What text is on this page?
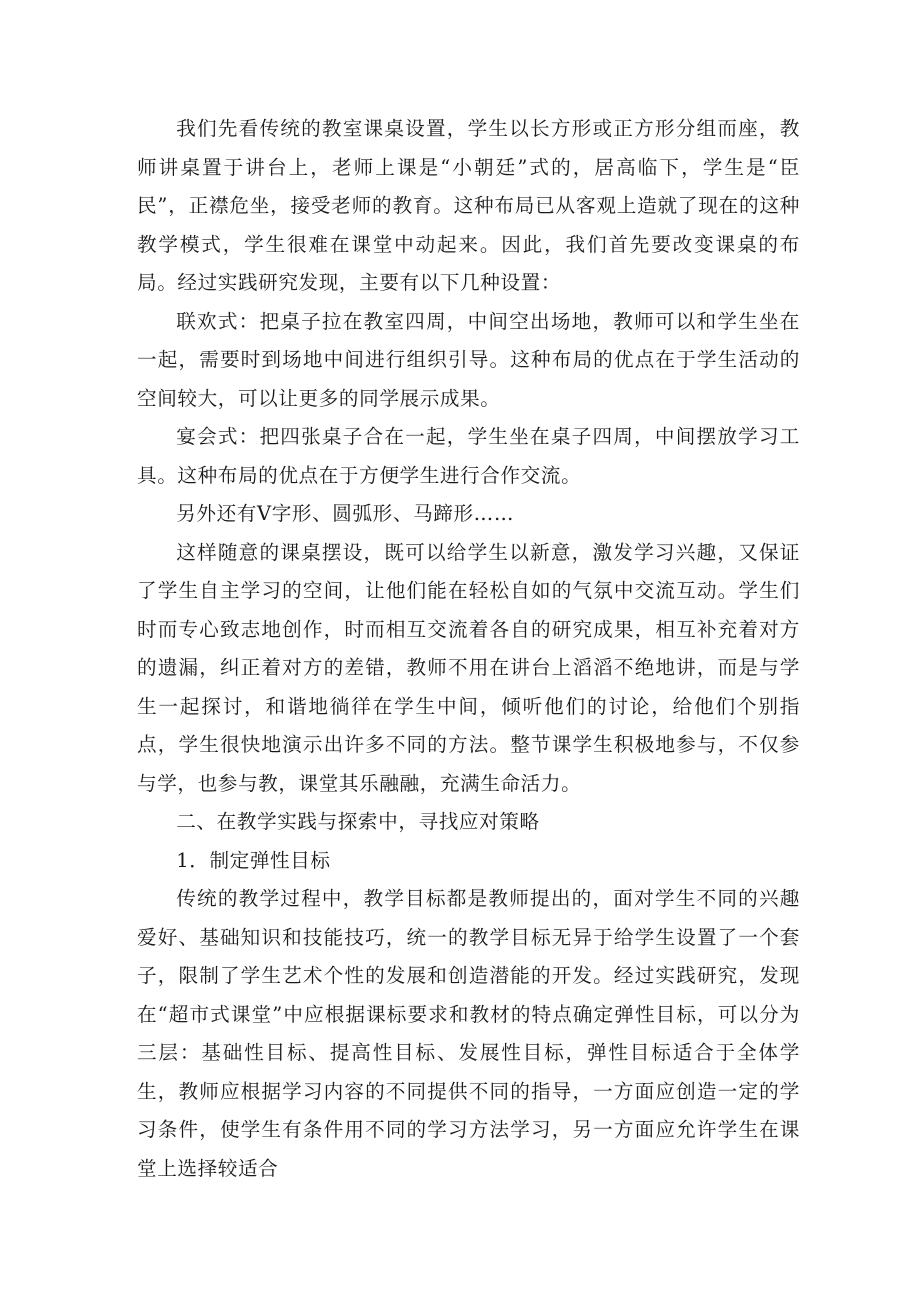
我们先看传统的教室课桌设置，学生以长方形或正方形分组而座，教师讲桌置于讲台上，老师上课是“小朝廷”式的，居高临下，学生是“臣民”，正襟危坐，接受老师的教育。这种布局已从客观上造就了现在的这种教学模式，学生很难在课堂中动起来。因此，我们首先要改变课桌的布局。经过实践研究发现，主要有以下几种设置：

联欢式：把桌子拉在教室四周，中间空出场地，教师可以和学生坐在一起，需要时到场地中间进行组织引导。这种布局的优点在于学生活动的空间较大，可以让更多的同学展示成果。

宴会式：把四张桌子合在一起，学生坐在桌子四周，中间摆放学习工具。这种布局的优点在于方便学生进行合作交流。

另外还有V字形、圆弧形、马蹄形……

这样随意的课桌摆设，既可以给学生以新意，激发学习兴趣，又保证了学生自主学习的空间，让他们能在轻松自如的气氛中交流互动。学生们时而专心致志地创作，时而相互交流着各自的研究成果，相互补充着对方的遗漏，纠正着对方的差错，教师不用在讲台上滔滔不绝地讲，而是与学生一起探讨，和谐地徜徉在学生中间，倾听他们的讨论，给他们个别指点，学生很快地演示出许多不同的方法。整节课学生积极地参与，不仅参与学，也参与教，课堂其乐融融，充满生命活力。

二、在教学实践与探索中，寻找应对策略

1．制定弹性目标

传统的教学过程中，教学目标都是教师提出的，面对学生不同的兴趣爱好、基础知识和技能技巧，统一的教学目标无异于给学生设置了一个套子，限制了学生艺术个性的发展和创造潜能的开发。经过实践研究，发现在“超市式课堂”中应根据课标要求和教材的特点确定弹性目标，可以分为三层：基础性目标、提高性目标、发展性目标，弹性目标适合于全体学生，教师应根据学习内容的不同提供不同的指导，一方面应创造一定的学习条件，使学生有条件用不同的学习方法学习，另一方面应允许学生在课堂上选择较适合
